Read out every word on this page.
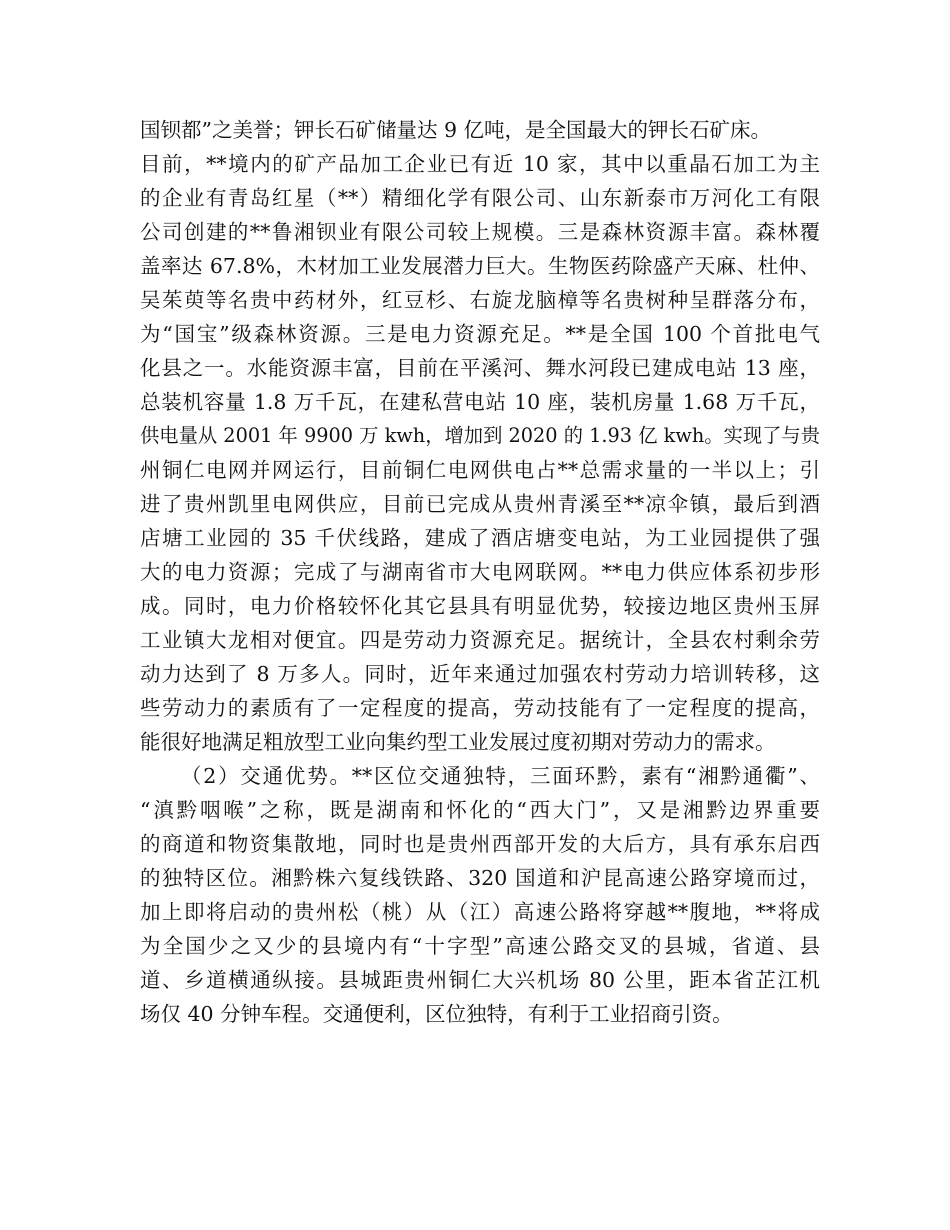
国钡都”之美誉；钾长石矿储量达 9 亿吨，是全国最大的钾长石矿床。
目前，**境内的矿产品加工企业已有近 10 家，其中以重晶石加工为主
的企业有青岛红星（**）精细化学有限公司、山东新泰市万河化工有限
公司创建的**鲁湘钡业有限公司较上规模。三是森林资源丰富。森林覆
盖率达 67.8%，木材加工业发展潜力巨大。生物医药除盛产天麻、杜仲、
吴茱萸等名贵中药材外，红豆杉、右旋龙脑樟等名贵树种呈群落分布，
为“国宝”级森林资源。三是电力资源充足。**是全国 100 个首批电气
化县之一。水能资源丰富，目前在平溪河、舞水河段已建成电站 13 座，
总装机容量 1.8 万千瓦，在建私营电站 10 座，装机房量 1.68 万千瓦，
供电量从 2001 年 9900 万 kwh，增加到 2020 的 1.93 亿 kwh。实现了与贵
州铜仁电网并网运行，目前铜仁电网供电占**总需求量的一半以上；引
进了贵州凯里电网供应，目前已完成从贵州青溪至**凉伞镇，最后到酒
店塘工业园的 35 千伏线路，建成了酒店塘变电站，为工业园提供了强
大的电力资源；完成了与湖南省市大电网联网。**电力供应体系初步形
成。同时，电力价格较怀化其它县具有明显优势，较接边地区贵州玉屏
工业镇大龙相对便宜。四是劳动力资源充足。据统计，全县农村剩余劳
动力达到了 8 万多人。同时，近年来通过加强农村劳动力培训转移，这
些劳动力的素质有了一定程度的提高，劳动技能有了一定程度的提高，
能很好地满足粗放型工业向集约型工业发展过度初期对劳动力的需求。
（2）交通优势。**区位交通独特，三面环黔，素有“湘黔通衢”、
“滇黔咽喉”之称，既是湖南和怀化的“西大门”，又是湘黔边界重要
的商道和物资集散地，同时也是贵州西部开发的大后方，具有承东启西
的独特区位。湘黔株六复线铁路、320 国道和沪昆高速公路穿境而过，
加上即将启动的贵州松（桃）从（江）高速公路将穿越**腹地，**将成
为全国少之又少的县境内有“十字型”高速公路交叉的县城，省道、县
道、乡道横通纵接。县城距贵州铜仁大兴机场 80 公里，距本省芷江机
场仅 40 分钟车程。交通便利，区位独特，有利于工业招商引资。
